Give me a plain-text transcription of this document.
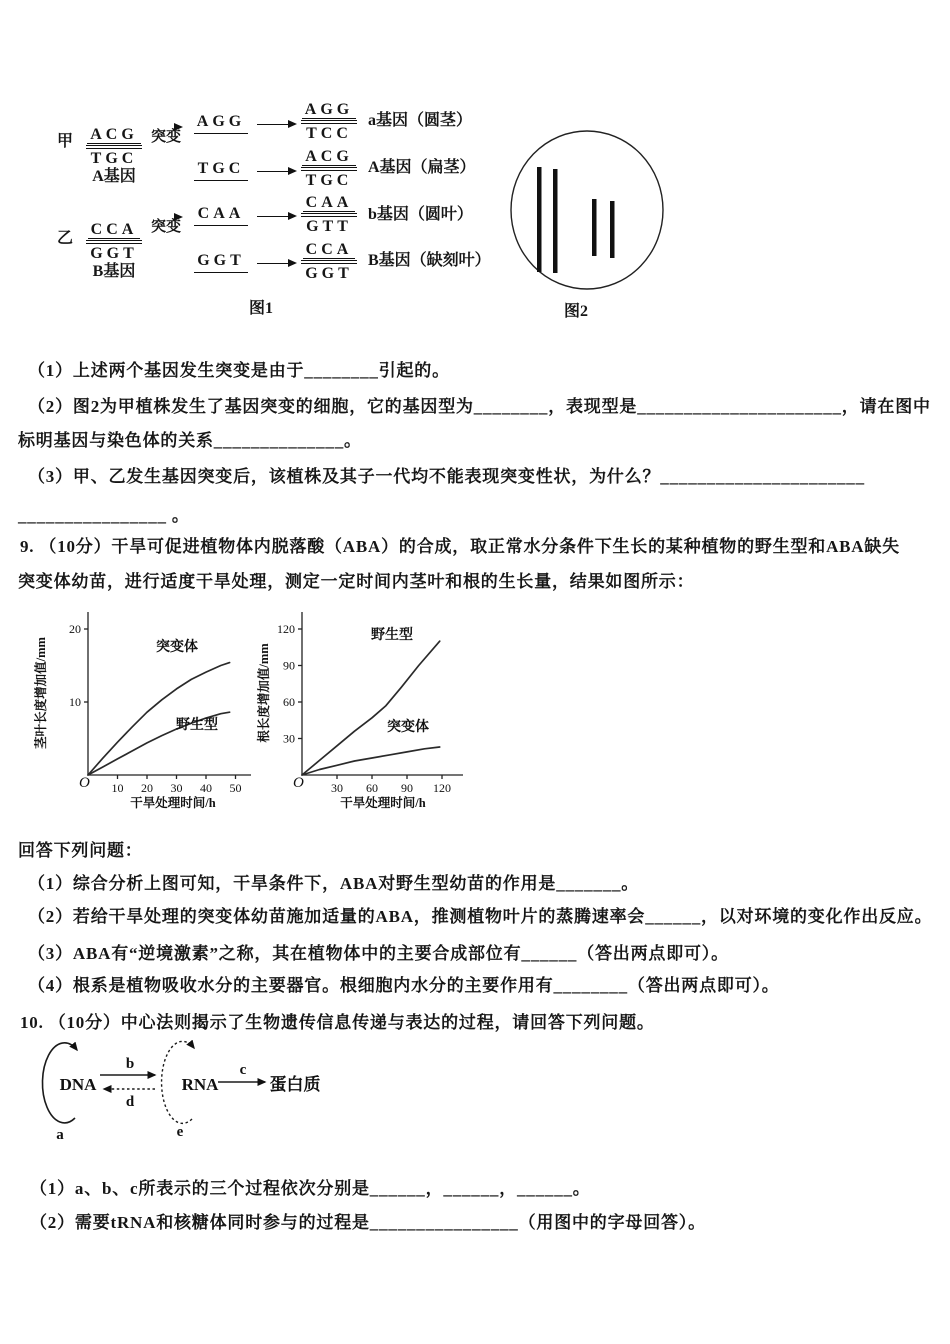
甲 ACG
TGC
A基因
突变
乙
CCA
GGT
B基因
突变
AGG
AGG
TCC
a基因（圆茎）
TGC
ACG
TGC
A基因（扁茎）
CAA
CAA
GTT
b基因（圆叶）
GGT
CCA
GGT
B基因（缺刻叶）
图1	图2
（1）上述两个基因发生突变是由于________引起的。
（2）图2为甲植株发生了基因突变的细胞，它的基因型为________，表现型是______________________，请在图中
标明基因与染色体的关系______________。
（3）甲、乙发生基因突变后，该植株及其子一代均不能表现突变性状，为什么？______________________
________________ 。
9. （10分）干旱可促进植物体内脱落酸（ABA）的合成，取正常水分条件下生长的某种植物的野生型和ABA缺失
突变体幼苗，进行适度干旱处理，测定一定时间内茎叶和根的生长量，结果如图所示：
10
20
10 20 30 40 50
突变体
野生型
干旱处理时间/h
茎叶长度增加值/mm
O
30
60
90
120
30 60 90 120
野生型
突变体
干旱处理时间/h
根长度增加值/mm
O
回答下列问题：
（1）综合分析上图可知，干旱条件下，ABA对野生型幼苗的作用是_______。
（2）若给干旱处理的突变体幼苗施加适量的ABA，推测植物叶片的蒸腾速率会______，以对环境的变化作出反应。
（3）ABA有“逆境激素”之称，其在植物体中的主要合成部位有______（答出两点即可）。
（4）根系是植物吸收水分的主要器官。根细胞内水分的主要作用有________（答出两点即可）。
10. （10分）中心法则揭示了生物遗传信息传递与表达的过程，请回答下列问题。
DNA	RNA	蛋白质
b
d
c
a	e
（1）a、b、c所表示的三个过程依次分别是______，______，______。
（2）需要tRNA和核糖体同时参与的过程是________________（用图中的字母回答）。
